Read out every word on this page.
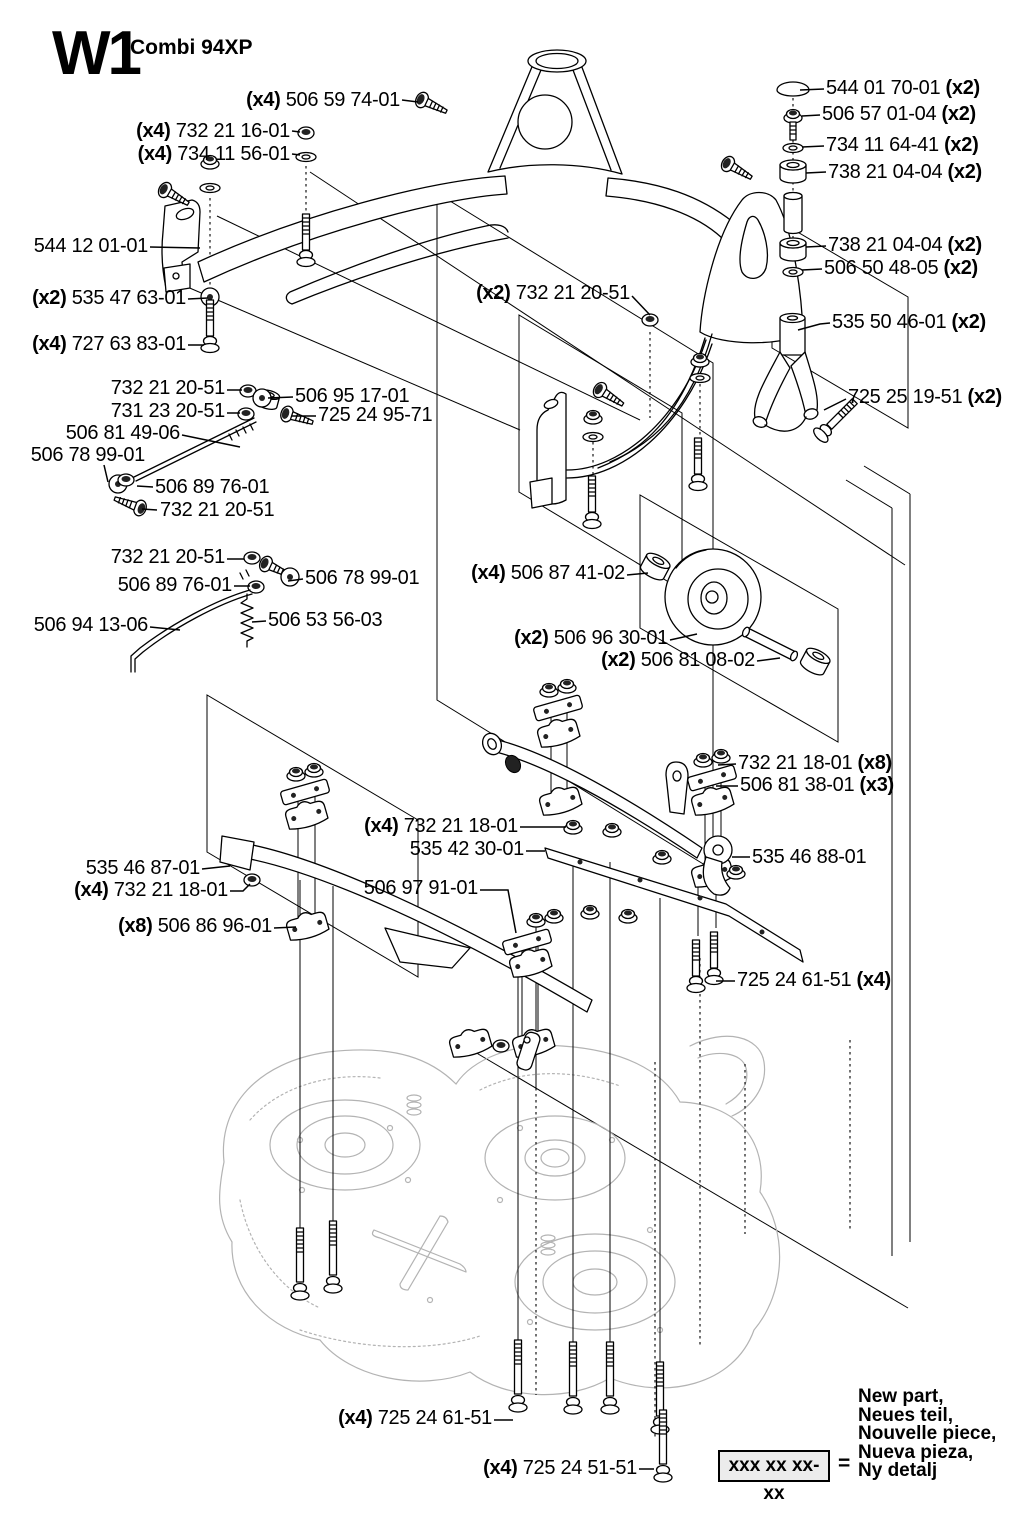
W1
Combi 94XP
(x4) 506 59 74-01
(x4) 732 21 16-01
(x4) 734 11 56-01
544 01 70-01 (x2)
506 57 01-04 (x2)
734 11 64-41 (x2)
738 21 04-04 (x2)
738 21 04-04 (x2)
506 50 48-05 (x2)
544 12 01-01
(x2) 535 47 63-01
(x4) 727 63 83-01
(x2) 732 21 20-51
535 50 46-01 (x2)
725 25 19-51 (x2)
732 21 20-51
731 23 20-51
506 81 49-06
506 78 99-01
506 95 17-01
725 24 95-71
506 89 76-01
732 21 20-51
732 21 20-51
506 89 76-01	506 78 99-01
506 94 13-06	506 53 56-03
(x4) 506 87 41-02
(x2) 506 96 30-01
(x2) 506 81 08-02
732 21 18-01 (x8)
506 81 38-01 (x3)
(x4) 732 21 18-01
535 42 30-01	535 46 88-01
535 46 87-01
(x4) 732 21 18-01
(x8) 506 86 96-01
506 97 91-01
725 24 61-51 (x4)
(x4) 725 24 61-51
(x4) 725 24 51-51	xxx xx xx-xx
=
New part,
Neues teil,
Nouvelle piece,
Nueva pieza,
Ny detalj
